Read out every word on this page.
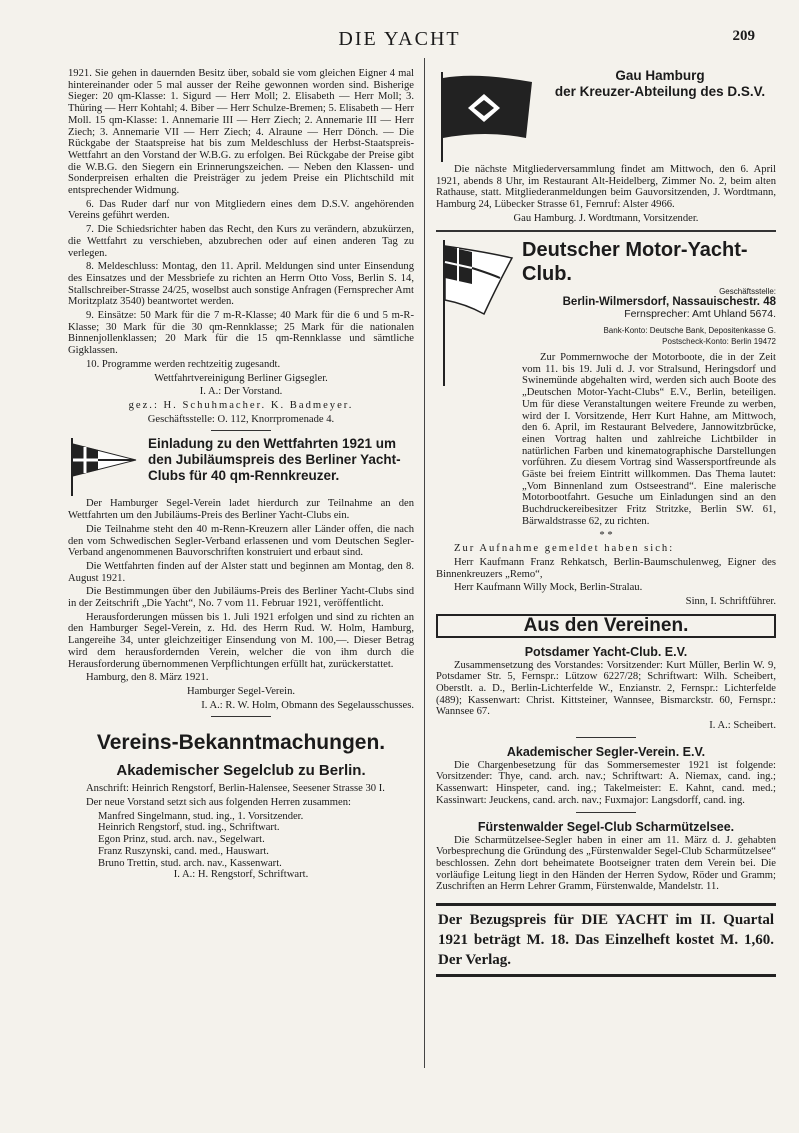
DIE YACHT	209

1921. Sie gehen in dauernden Besitz über, sobald sie vom gleichen Eigner 4 mal hintereinander oder 5 mal ausser der Reihe gewonnen worden sind. Bisherige Sieger: 20 qm-Klasse: 1. Sigurd — Herr Moll; 2. Elisabeth — Herr Moll; 3. Thüring — Herr Kohtahl; 4. Biber — Herr Schulze-Bremen; 5. Elisabeth — Herr Moll. 15 qm-Klasse: 1. Annemarie III — Herr Ziech; 2. Annemarie III — Herr Ziech; 3. Annemarie VII — Herr Ziech; 4. Alraune — Herr Dönch. — Die Rückgabe der Staatspreise hat bis zum Meldeschluss der Herbst-Staatspreis-Wettfahrt an den Vorstand der W.B.G. zu erfolgen. Bei Rückgabe der Preise gibt die W.B.G. den Siegern ein Erinnerungszeichen. — Neben den Klassen- und Sonderpreisen erhalten die Preisträger zu jedem Preise ein Plichtschild mit entsprechender Widmung.

6. Das Ruder darf nur von Mitgliedern eines dem D.S.V. angehörenden Vereins geführt werden.

7. Die Schiedsrichter haben das Recht, den Kurs zu verändern, abzukürzen, die Wettfahrt zu verschieben, abzubrechen oder auf einen anderen Tag zu verlegen.

8. Meldeschluss: Montag, den 11. April. Meldungen sind unter Einsendung des Einsatzes und der Messbriefe zu richten an Herrn Otto Voss, Berlin S. 14, Stallschreiber-Strasse 24/25, woselbst auch sonstige Anfragen (Fernsprecher Amt Moritzplatz 3540) beantwortet werden.

9. Einsätze: 50 Mark für die 7 m-R-Klasse; 40 Mark für die 6 und 5 m-R-Klasse; 30 Mark für die 30 qm-Rennklasse; 25 Mark für die nationalen Binnenjollenklassen; 20 Mark für die 15 qm-Rennklasse und sämtliche Gigklassen.

10. Programme werden rechtzeitig zugesandt.

Wettfahrtvereinigung Berliner Gigsegler.

I. A.: Der Vorstand.

gez.: H. Schuhmacher. K. Badmeyer.

Geschäftsstelle: O. 112, Knorrpromenade 4.

Einladung zu den Wettfahrten 1921 um den Jubiläumspreis des Berliner Yacht-Clubs für 40 qm-Rennkreuzer.

Der Hamburger Segel-Verein ladet hierdurch zur Teilnahme an den Wettfahrten um den Jubiläums-Preis des Berliner Yacht-Clubs ein.

Die Teilnahme steht den 40 m-Renn-Kreuzern aller Länder offen, die nach den vom Schwedischen Segler-Verband erlassenen und vom Deutschen Segler-Verband angenommenen Bauvorschriften konstruiert und erbaut sind.

Die Wettfahrten finden auf der Alster statt und beginnen am Montag, den 8. August 1921.

Die Bestimmungen über den Jubiläums-Preis des Berliner Yacht-Clubs sind in der Zeitschrift „Die Yacht“, No. 7 vom 11. Februar 1921, veröffentlicht.

Herausforderungen müssen bis 1. Juli 1921 erfolgen und sind zu richten an den Hamburger Segel-Verein, z. Hd. des Herrn Rud. W. Holm, Hamburg, Langereihe 34, unter gleichzeitiger Einsendung von M. 100,—. Dieser Betrag wird dem herausfordernden Verein, welcher die von ihm durch die Herausforderung übernommenen Verpflichtungen erfüllt hat, zurückerstattet.

Hamburg, den 8. März 1921.

Hamburger Segel-Verein.

I. A.: R. W. Holm, Obmann des Segelausschusses.

Vereins-Bekanntmachungen.
Akademischer Segelclub zu Berlin.

Anschrift: Heinrich Rengstorf, Berlin-Halensee, Seesener Strasse 30 I.

Der neue Vorstand setzt sich aus folgenden Herren zusammen:

Manfred Singelmann, stud. ing., 1. Vorsitzender.
Heinrich Rengstorf, stud. ing., Schriftwart.
Egon Prinz, stud. arch. nav., Segelwart.
Franz Ruszynski, cand. med., Hauswart.
Bruno Trettin, stud. arch. nav., Kassenwart.

I. A.: H. Rengstorf, Schriftwart.

Gau Hamburg
der Kreuzer-Abteilung des D.S.V.

Die nächste Mitgliederversammlung findet am Mittwoch, den 6. April 1921, abends 8 Uhr, im Restaurant Alt-Heidelberg, Zimmer No. 2, beim alten Rathause, statt. Mitgliederanmeldungen beim Gauvorsitzenden, J. Wordtmann, Hamburg 24, Lübecker Strasse 61, Fernruf: Alster 4966.

Gau Hamburg. J. Wordtmann, Vorsitzender.

Deutscher Motor-Yacht-Club.
Geschäftsstelle:
Berlin-Wilmersdorf, Nassauischestr. 48
Fernsprecher: Amt Uhland 5674.
Bank-Konto: Deutsche Bank, Depositenkasse G.
Postscheck-Konto: Berlin 19472

Zur Pommernwoche der Motorboote, die in der Zeit vom 11. bis 19. Juli d. J. vor Stralsund, Heringsdorf und Swinemünde abgehalten wird, werden sich auch Boote des „Deutschen Motor-Yacht-Clubs“ E.V., Berlin, beteiligen. Um für diese Veranstaltungen weitere Freunde zu werben, wird der I. Vorsitzende, Herr Kurt Hahne, am Mittwoch, den 6. April, im Restaurant Belvedere, Jannowitzbrücke, einen Vortrag halten und zahlreiche Lichtbilder in natürlichen Farben und kinematographische Darstellungen vorführen. Zu diesem Vortrag sind Wassersportfreunde als Gäste bei freiem Eintritt willkommen. Das Thema lautet: „Vom Binnenland zum Ostseestrand“. Eine malerische Motorbootfahrt. Gesuche um Einladungen sind an den Buchdruckereibesitzer Fritz Stritzke, Berlin SW. 61, Bärwaldstrasse 62, zu richten.

* *

Zur Aufnahme gemeldet haben sich:

Herr Kaufmann Franz Rehkatsch, Berlin-Baumschulenweg, Eigner des Binnenkreuzers „Remo“,

Herr Kaufmann Willy Mock, Berlin-Stralau.

Sinn, I. Schriftführer.

Aus den Vereinen.
Potsdamer Yacht-Club. E.V.

Zusammensetzung des Vorstandes: Vorsitzender: Kurt Müller, Berlin W. 9, Potsdamer Str. 5, Fernspr.: Lützow 6227/28; Schriftwart: Wilh. Scheibert, Oberstlt. a. D., Berlin-Lichterfelde W., Enzianstr. 2, Fernspr.: Lichterfelde (489); Kassenwart: Christ. Kittsteiner, Wannsee, Bismarckstr. 60, Fernspr.: Wannsee 67.

I. A.: Scheibert.

Akademischer Segler-Verein. E.V.

Die Chargenbesetzung für das Sommersemester 1921 ist folgende: Vorsitzender: Thye, cand. arch. nav.; Schriftwart: A. Niemax, cand. ing.; Kassenwart: Hinspeter, cand. ing.; Takelmeister: E. Kahnt, cand. med.; Kassinwart: Jeuckens, cand. arch. nav.; Fuxmajor: Langsdorff, cand. ing.

Fürstenwalder Segel-Club Scharmützelsee.

Die Scharmützelsee-Segler haben in einer am 11. März d. J. gehabten Vorbesprechung die Gründung des „Fürstenwalder Segel-Club Scharmützelsee“ beschlossen. Zehn dort beheimatete Bootseigner traten dem Verein bei. Die vorläufige Leitung liegt in den Händen der Herren Sydow, Röder und Gramm; Zuschriften an Herrn Lehrer Gramm, Fürstenwalde, Mandelstr. 11.

Der Bezugspreis für DIE YACHT im II. Quartal 1921 beträgt M. 18. Das Einzelheft kostet M. 1,60. Der Verlag.
